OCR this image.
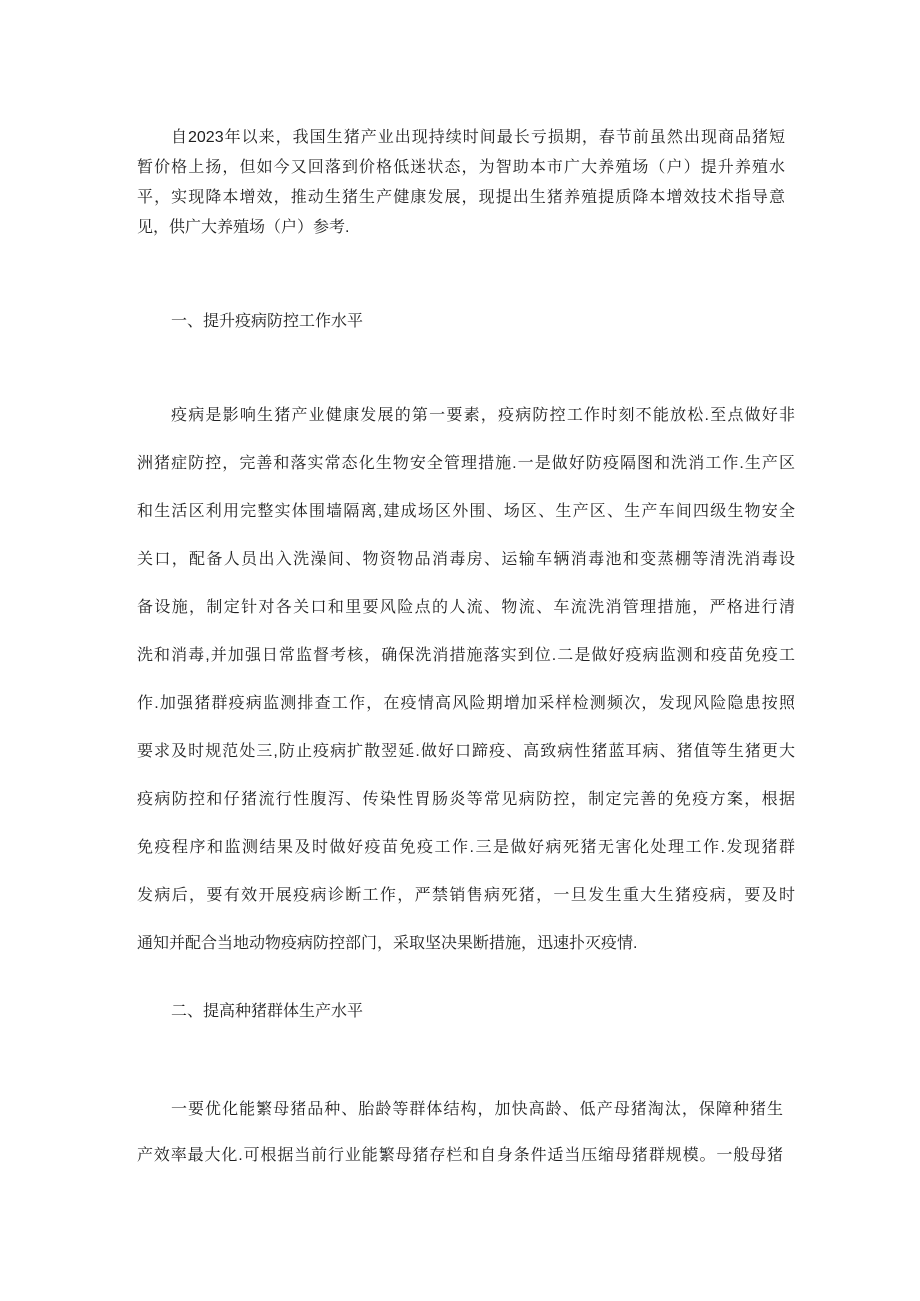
自2023年以来，我国生猪产业出现持续时间最长亏损期，春节前虽然出现商品猪短
暂价格上扬，但如今又回落到价格低迷状态，为智助本市广大养殖场（户）提升养殖水
平，实现降本增效，推动生猪生产健康发展，现提出生猪养殖提质降本增效技术指导意
见，供广大养殖场（户）参考.
一、提升疫病防控工作水平
疫病是影响生猪产业健康发展的第一要素，疫病防控工作时刻不能放松.至点做好非
洲猪症防控，完善和落实常态化生物安全管理措施.一是做好防疫隔图和洗消工作.生产区
和生活区利用完整实体围墙隔离,建成场区外围、场区、生产区、生产车间四级生物安全
关口，配备人员出入洗澡间、物资物品消毒房、运输车辆消毒池和变蒸棚等清洗消毒设
备设施，制定针对各关口和里要风险点的人流、物流、车流洗消管理措施，严格进行清
洗和消毒,并加强日常监督考核，确保洗消措施落实到位.二是做好疫病监测和疫苗免疫工
作.加强猪群疫病监测排查工作，在疫情高风险期增加采样检测频次，发现风险隐患按照
要求及时规范处三,防止疫病扩散翌延.做好口蹄疫、高致病性猪蓝耳病、猪值等生猪更大
疫病防控和仔猪流行性腹泻、传染性胃肠炎等常见病防控，制定完善的免疫方案，根据
免疫程序和监测结果及时做好疫苗免疫工作.三是做好病死猪无害化处理工作.发现猪群
发病后，要有效开展疫病诊断工作，严禁销售病死猪，一旦发生重大生猪疫病，要及时
通知并配合当地动物疫病防控部门，采取坚决果断措施，迅速扑灭疫情.
二、提高种猪群体生产水平
一要优化能繁母猪品种、胎龄等群体结构，加快高龄、低产母猪淘汰，保障种猪生
产效率最大化.可根据当前行业能繁母猪存栏和自身条件适当压缩母猪群规模。一般母猪
